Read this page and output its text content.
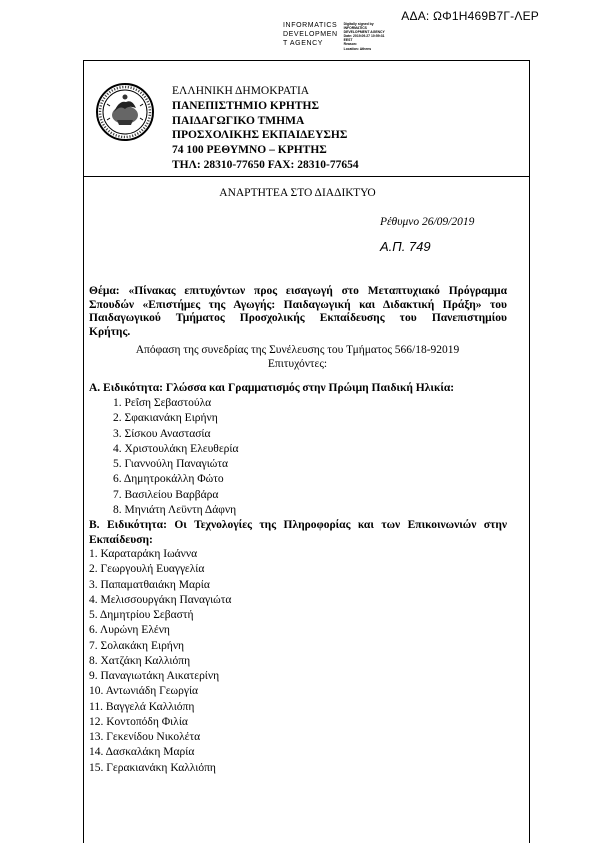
ΑΔΑ: ΩΦ1Η469Β7Γ-ΛΕΡ
INFORMATICS
DEVELOPMEN
T AGENCY
Digitally signed by
INFORMATICS
DEVELOPMENT AGENCY
Date: 2019.09.27 10:59:31
EEST
Reason:
Location: Athens
ΕΛΛΗΝΙΚΗ ΔΗΜΟΚΡΑΤΙΑ
ΠΑΝΕΠΙΣΤΗΜΙΟ ΚΡΗΤΗΣ
ΠΑΙΔΑΓΩΓΙΚΟ ΤΜΗΜΑ
ΠΡΟΣΧΟΛΙΚΗΣ ΕΚΠΑΙΔΕΥΣΗΣ
74 100 ΡΕΘΥΜΝΟ – ΚΡΗΤΗΣ
ΤΗΛ: 28310-77650 FAX: 28310-77654
ΑΝΑΡΤΗΤΕΑ ΣΤΟ ΔΙΑΔΙΚΤΥΟ
Ρέθυμνο 26/09/2019
Α.Π. 749
Θέμα: «Πίνακας επιτυχόντων προς εισαγωγή στο Μεταπτυχιακό Πρόγραμμα
Σπουδών «Επιστήμες της Αγωγής: Παιδαγωγική και Διδακτική Πράξη» του
Παιδαγωγικού Τμήματος Προσχολικής Εκπαίδευσης του Πανεπιστημίου
Κρήτης.
Απόφαση της συνεδρίας της Συνέλευσης του Τμήματος 566/18-92019
Επιτυχόντες:
Α. Ειδικότητα: Γλώσσα και Γραμματισμός στην Πρώιμη Παιδική Ηλικία:
1. Ρεΐση Σεβαστούλα
2. Σφακιανάκη Ειρήνη
3. Σίσκου Αναστασία
4. Χριστουλάκη Ελευθερία
5. Γιαννούλη Παναγιώτα
6. Δημητροκάλλη Φώτο
7. Βασιλείου Βαρβάρα
8. Μηνιάτη Λεϋντη Δάφνη
Β. Ειδικότητα: Οι Τεχνολογίες της Πληροφορίας και των Επικοινωνιών στην
Εκπαίδευση:
1. Καραταράκη Ιωάννα
2. Γεωργουλή Ευαγγελία
3. Παπαματθαιάκη Μαρία
4. Μελισσουργάκη Παναγιώτα
5. Δημητρίου Σεβαστή
6. Λυρώνη Ελένη
7. Σολακάκη Ειρήνη
8. Χατζάκη Καλλιόπη
9. Παναγιωτάκη Αικατερίνη
10. Αντωνιάδη Γεωργία
11. Βαγγελά Καλλιόπη
12. Κοντοπόδη Φιλία
13. Γεκενίδου Νικολέτα
14. Δασκαλάκη Μαρία
15. Γερακιανάκη Καλλιόπη
